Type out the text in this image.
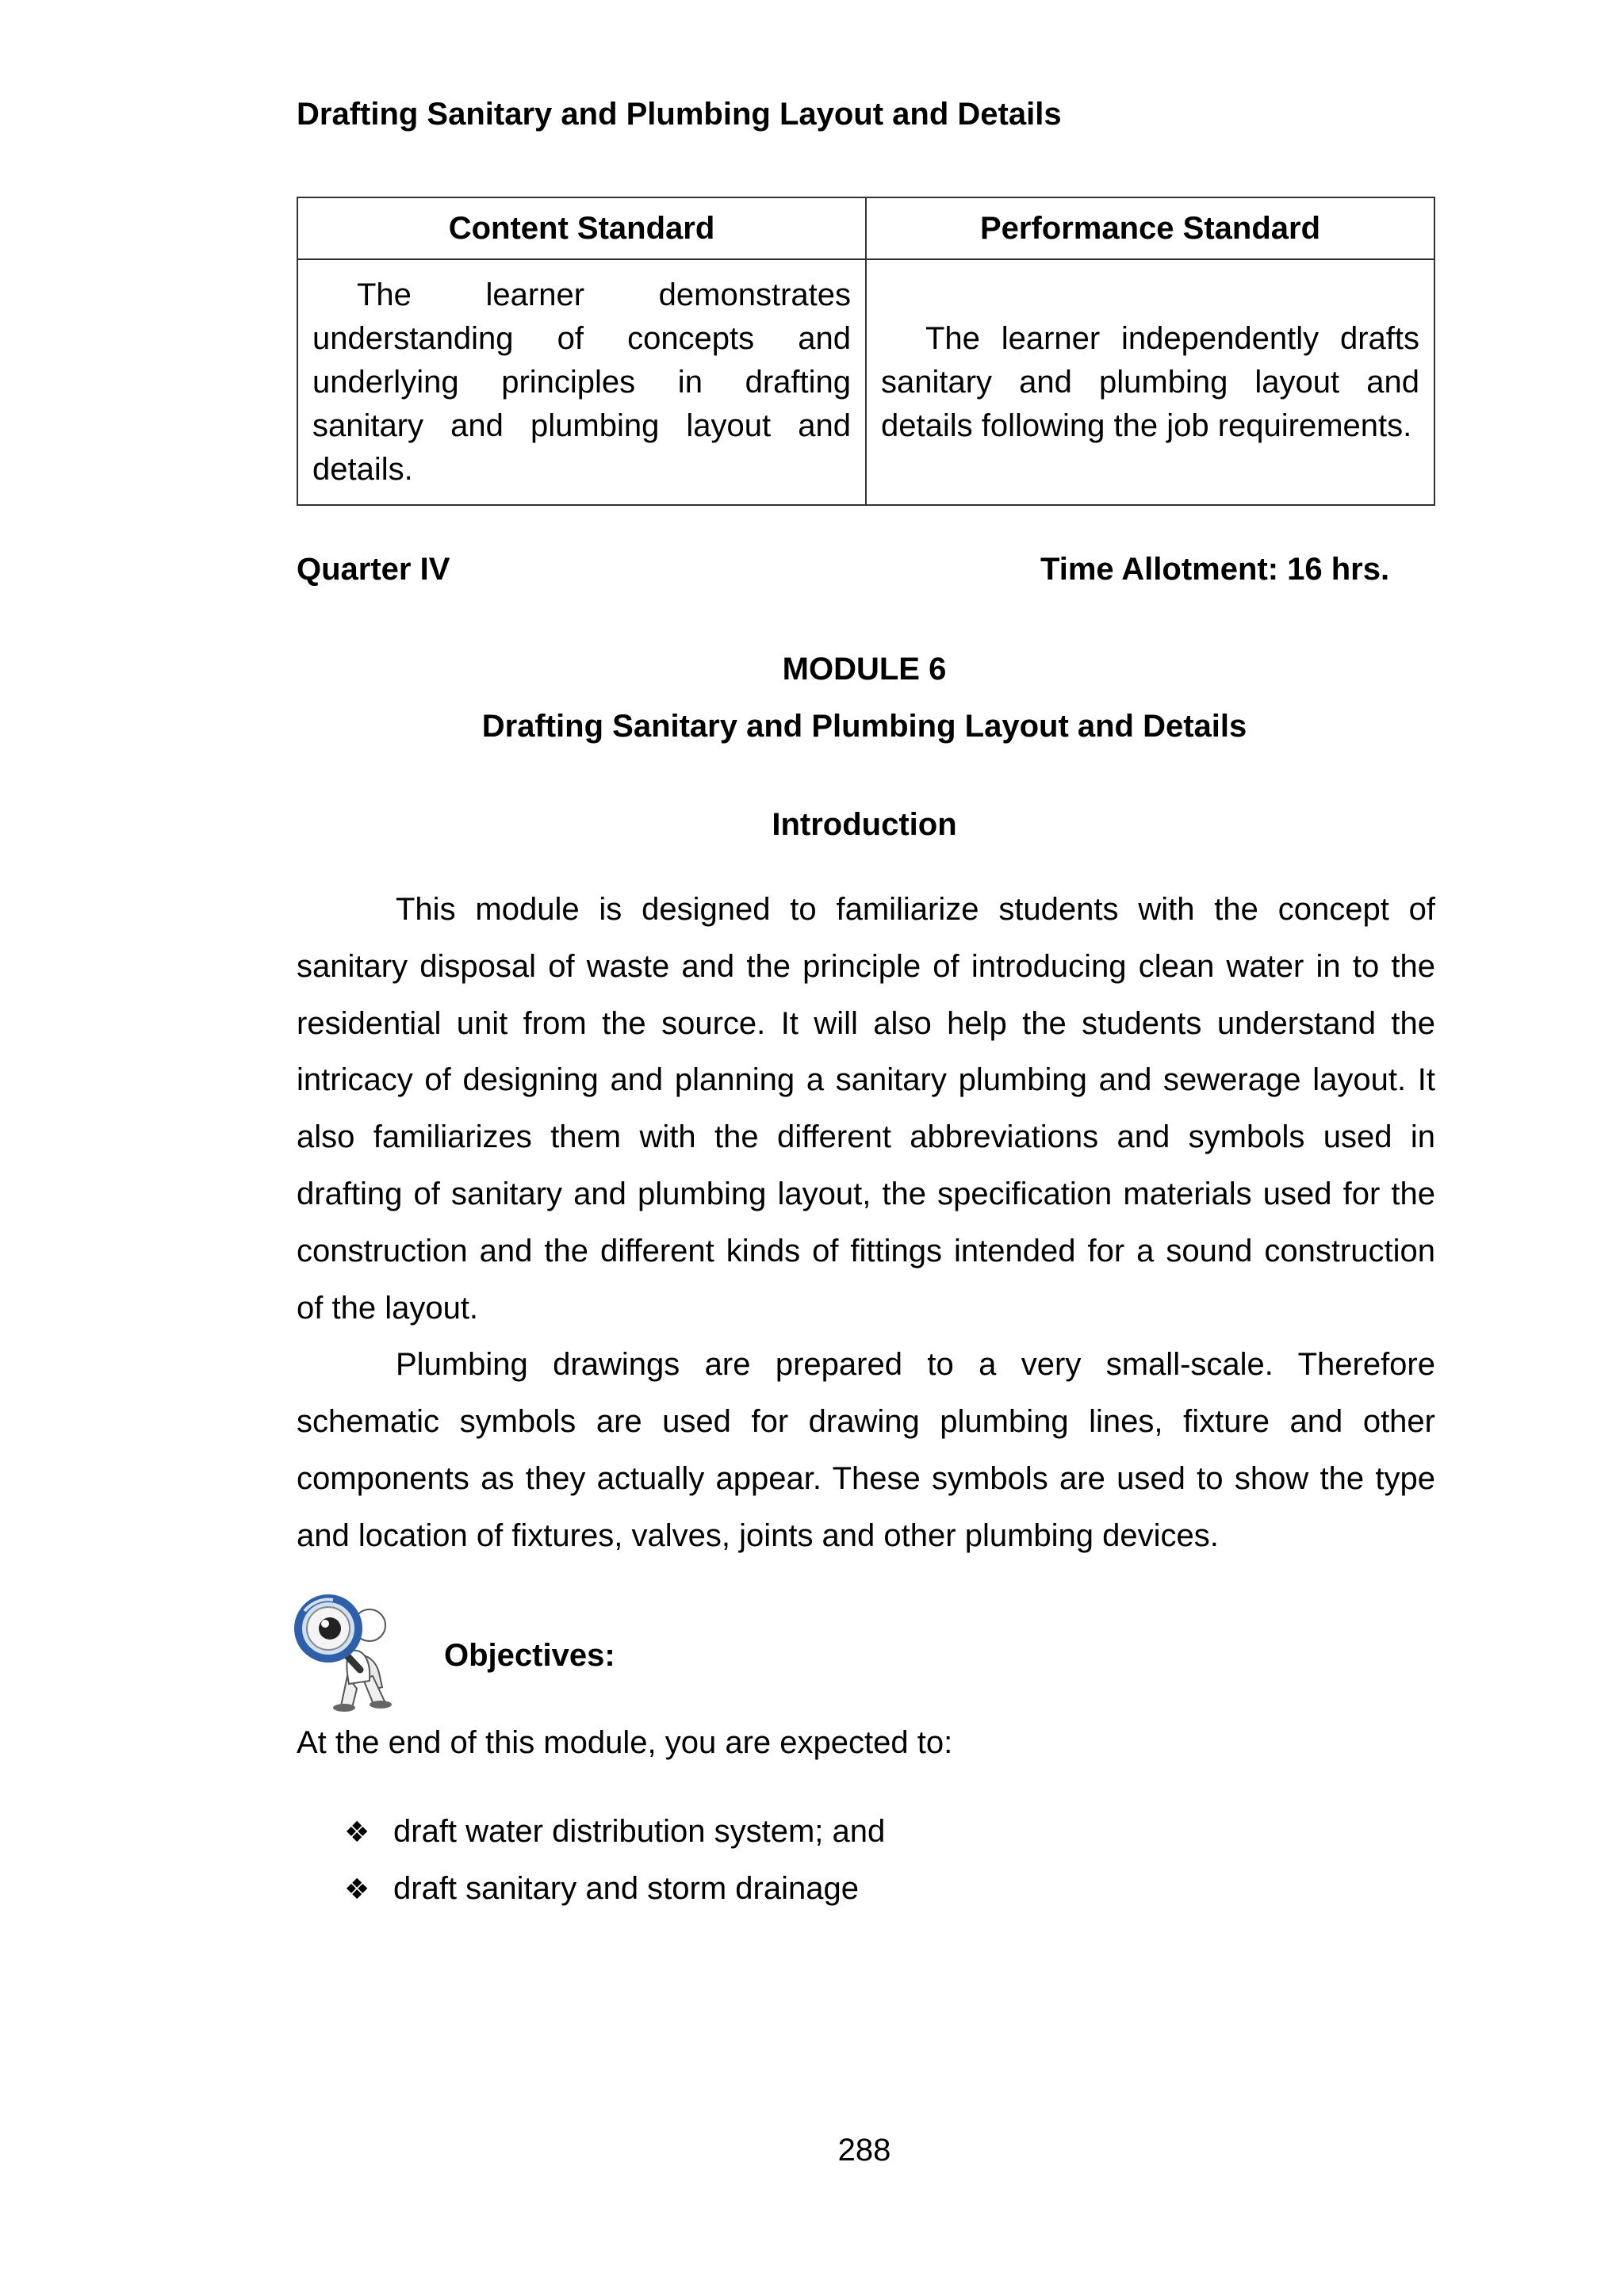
Drafting Sanitary and Plumbing Layout and Details
Content Standard	Performance Standard
The learner demonstrates understanding of concepts and underlying principles in drafting sanitary and plumbing layout and details.	The learner independently drafts sanitary and plumbing layout and details following the job requirements.
Quarter IV	Time Allotment: 16 hrs.
MODULE 6
Drafting Sanitary and Plumbing Layout and Details
Introduction

This module is designed to familiarize students with the concept of sanitary disposal of waste and the principle of introducing clean water in to the residential unit from the source. It will also help the students understand the intricacy of designing and planning a sanitary plumbing and sewerage layout. It also familiarizes them with the different abbreviations and symbols used in drafting of sanitary and plumbing layout, the specification materials used for the construction and the different kinds of fittings intended for a sound construction of the layout.

Plumbing drawings are prepared to a very small-scale. Therefore schematic symbols are used for drawing plumbing lines, fixture and other components as they actually appear. These symbols are used to show the type and location of fixtures, valves, joints and other plumbing devices.

Objectives:
At the end of this module, you are expected to:
❖ draft water distribution system; and
❖ draft sanitary and storm drainage
288
